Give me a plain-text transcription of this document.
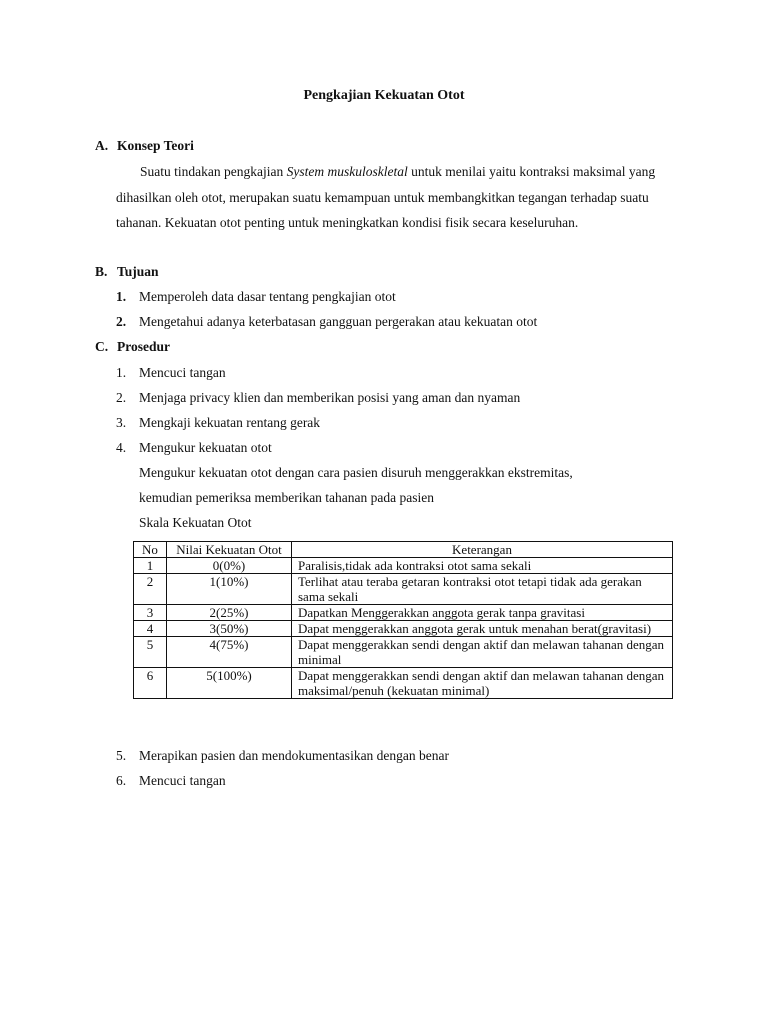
Pengkajian Kekuatan Otot
A. Konsep Teori
Suatu tindakan pengkajian System muskuloskletal untuk menilai yaitu kontraksi maksimal yang dihasilkan oleh otot, merupakan suatu kemampuan untuk membangkitkan tegangan terhadap suatu tahanan. Kekuatan otot penting untuk meningkatkan kondisi fisik secara keseluruhan.
B. Tujuan
1. Memperoleh data dasar tentang pengkajian otot
2. Mengetahui adanya keterbatasan gangguan pergerakan atau kekuatan otot
C. Prosedur
1. Mencuci tangan
2. Menjaga privacy klien dan memberikan posisi yang aman dan nyaman
3. Mengkaji kekuatan rentang gerak
4. Mengukur kekuatan otot
Mengukur kekuatan otot dengan cara pasien disuruh menggerakkan ekstremitas,
kemudian pemeriksa memberikan tahanan pada pasien
Skala Kekuatan Otot
No	Nilai Kekuatan Otot	Keterangan
1	0(0%)	Paralisis,tidak ada kontraksi otot sama sekali
2	1(10%)	Terlihat atau teraba getaran kontraksi otot tetapi tidak ada gerakan sama sekali
3	2(25%)	Dapatkan Menggerakkan anggota gerak tanpa gravitasi
4	3(50%)	Dapat menggerakkan anggota gerak untuk menahan berat(gravitasi)
5	4(75%)	Dapat menggerakkan sendi dengan aktif dan melawan tahanan dengan minimal
6	5(100%)	Dapat menggerakkan sendi dengan aktif dan melawan tahanan dengan maksimal/penuh (kekuatan minimal)
5. Merapikan pasien dan mendokumentasikan dengan benar
6. Mencuci tangan
